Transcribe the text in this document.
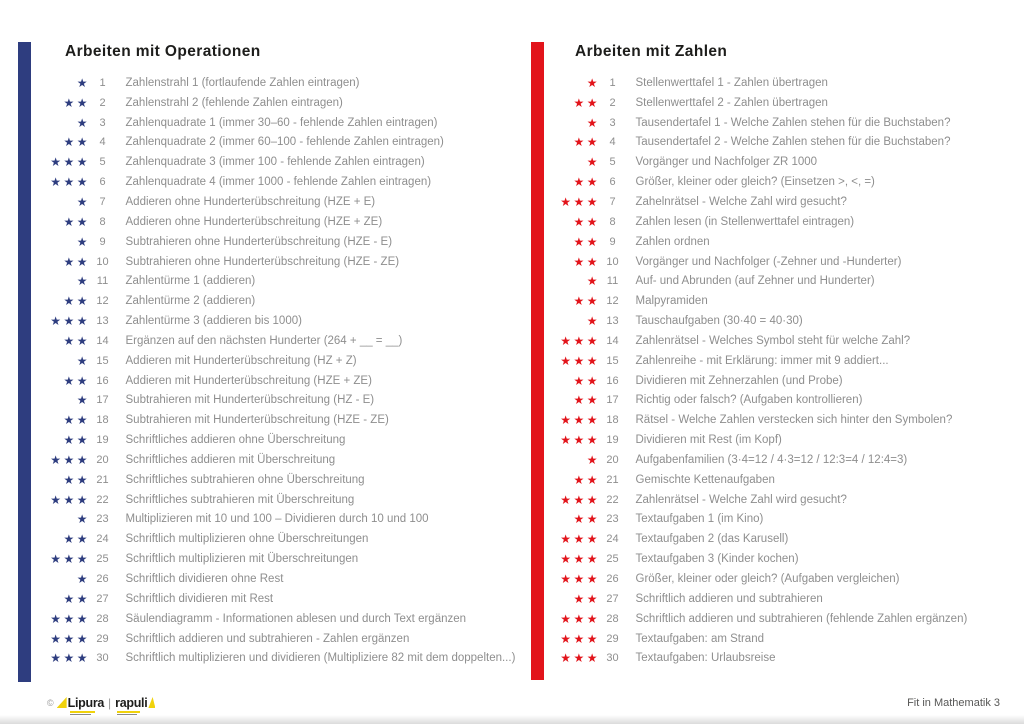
Arbeiten mit Operationen
★ 1	Zahlenstrahl 1 (fortlaufende Zahlen eintragen)
★★ 2	Zahlenstrahl 2 (fehlende Zahlen eintragen)
★ 3	Zahlenquadrate 1 (immer 30–60 - fehlende Zahlen eintragen)
★★ 4	Zahlenquadrate 2 (immer 60–100 - fehlende Zahlen eintragen)
★★★ 5	Zahlenquadrate 3 (immer 100 - fehlende Zahlen eintragen)
★★★ 6	Zahlenquadrate 4 (immer 1000 - fehlende Zahlen eintragen)
★ 7	Addieren ohne Hunderterübschreitung (HZE + E)
★★ 8	Addieren ohne Hunderterübschreitung (HZE + ZE)
★ 9	Subtrahieren ohne Hunderterübschreitung (HZE - E)
★★ 10	Subtrahieren ohne Hunderterübschreitung (HZE - ZE)
★ 11	Zahlentürme 1 (addieren)
★★ 12	Zahlentürme 2 (addieren)
★★★ 13	Zahlentürme 3 (addieren bis 1000)
★★ 14	Ergänzen auf den nächsten Hunderter (264 + __ = __)
★ 15	Addieren mit Hunderterübschreitung (HZ + Z)
★★ 16	Addieren mit Hunderterübschreitung (HZE + ZE)
★ 17	Subtrahieren mit Hunderterübschreitung (HZ - E)
★★ 18	Subtrahieren mit Hunderterübschreitung (HZE - ZE)
★★ 19	Schriftliches addieren ohne Überschreitung
★★★ 20	Schriftliches addieren mit Überschreitung
★★ 21	Schriftliches subtrahieren ohne Überschreitung
★★★ 22	Schriftliches subtrahieren mit Überschreitung
★ 23	Multiplizieren mit 10 und 100 – Dividieren durch 10 und 100
★★ 24	Schriftlich multiplizieren ohne Überschreitungen
★★★ 25	Schriftlich multiplizieren mit Überschreitungen
★ 26	Schriftlich dividieren ohne Rest
★★ 27	Schriftlich dividieren mit Rest
★★★ 28	Säulendiagramm - Informationen ablesen und durch Text ergänzen
★★★ 29	Schriftlich addieren und subtrahieren - Zahlen ergänzen
★★★ 30	Schriftlich multiplizieren und dividieren (Multipliziere 82 mit dem doppelten...)
Arbeiten mit Zahlen
★ 1	Stellenwerttafel 1 - Zahlen übertragen
★★ 2	Stellenwerttafel 2 - Zahlen übertragen
★ 3	Tausendertafel 1 - Welche Zahlen stehen für die Buchstaben?
★★ 4	Tausendertafel 2 - Welche Zahlen stehen für die Buchstaben?
★ 5	Vorgänger und Nachfolger ZR 1000
★★ 6	Größer, kleiner oder gleich? (Einsetzen >, <, =)
★★★ 7	Zahelnrätsel - Welche Zahl wird gesucht?
★★ 8	Zahlen lesen (in Stellenwerttafel eintragen)
★★ 9	Zahlen ordnen
★★ 10	Vorgänger und Nachfolger (-Zehner und -Hunderter)
★ 11	Auf- und Abrunden (auf Zehner und Hunderter)
★★ 12	Malpyramiden
★ 13	Tauschaufgaben (30·40 = 40·30)
★★★ 14	Zahlenrätsel - Welches Symbol steht für welche Zahl?
★★★ 15	Zahlenreihe - mit Erklärung: immer mit 9 addiert...
★★ 16	Dividieren mit Zehnerzahlen (und Probe)
★★ 17	Richtig oder falsch? (Aufgaben kontrollieren)
★★★ 18	Rätsel - Welche Zahlen verstecken sich hinter den Symbolen?
★★★ 19	Dividieren mit Rest (im Kopf)
★ 20	Aufgabenfamilien (3·4=12 / 4·3=12 / 12:3=4 / 12:4=3)
★★ 21	Gemischte Kettenaufgaben
★★★ 22	Zahlenrätsel - Welche Zahl wird gesucht?
★★ 23	Textaufgaben 1 (im Kino)
★★★ 24	Textaufgaben 2 (das Karusell)
★★★ 25	Textaufgaben 3 (Kinder kochen)
★★★ 26	Größer, kleiner oder gleich? (Aufgaben vergleichen)
★★ 27	Schriftlich addieren und subtrahieren
★★★ 28	Schriftlich addieren und subtrahieren (fehlende Zahlen ergänzen)
★★★ 29	Textaufgaben: am Strand
★★★ 30	Textaufgaben: Urlaubsreise
© Lipura | rapuli	Fit in Mathematik 3
